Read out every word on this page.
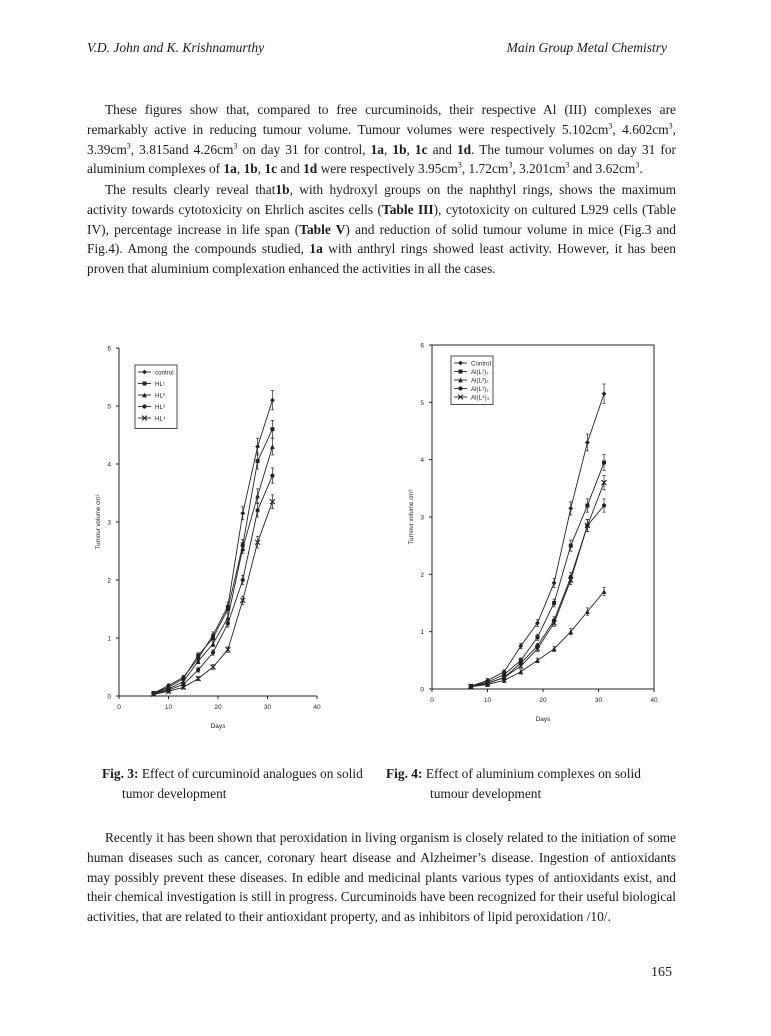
V.D. John and K. Krishnamurthy	Main Group Metal Chemistry

These figures show that, compared to free curcuminoids, their respective Al (III) complexes are remarkably active in reducing tumour volume. Tumour volumes were respectively $5.102cm^3$, $4.602cm^3$, $3.39cm^3$, 3.815and $4.26cm^3$ on day 31 for control, 1a, 1b, 1c and 1d. The tumour volumes on day 31 for aluminium complexes of 1a, 1b, 1c and 1d were respectively $3.95cm^3$, $1.72cm^3$, $3.201cm^3$ and $3.62cm^3$.

The results clearly reveal that1b, with hydroxyl groups on the naphthyl rings, shows the maximum activity towards cytotoxicity on Ehrlich ascites cells (Table III), cytotoxicity on cultured L929 cells (Table IV), percentage increase in life span (Table V) and reduction of solid tumour volume in mice (Fig.3 and Fig.4). Among the compounds studied, 1a with anthryl rings showed least activity. However, it has been proven that aluminium complexation enhanced the activities in all the cases.

0	10	20	30	40
0
1
2
3
4
5
6
Days
Tumour volume cm³
control
HL¹
HL²
HL³
HL⁴
0	10	20	30	40
0
1
2
3
4
5
6
Days
Tumour volume cm³
Control
Al(L¹)₃
Al(L²)₃
Al(L³)₃
Al(L⁴)₃

Fig. 3: Effect of curcuminoid analogues on solid
tumor development

Fig. 4: Effect of aluminium complexes on solid
tumour development

Recently it has been shown that peroxidation in living organism is closely related to the initiation of some human diseases such as cancer, coronary heart disease and Alzheimer’s disease. Ingestion of antioxidants may possibly prevent these diseases. In edible and medicinal plants various types of antioxidants exist, and their chemical investigation is still in progress. Curcuminoids have been recognized for their useful biological activities, that are related to their antioxidant property, and as inhibitors of lipid peroxidation /10/.

165
